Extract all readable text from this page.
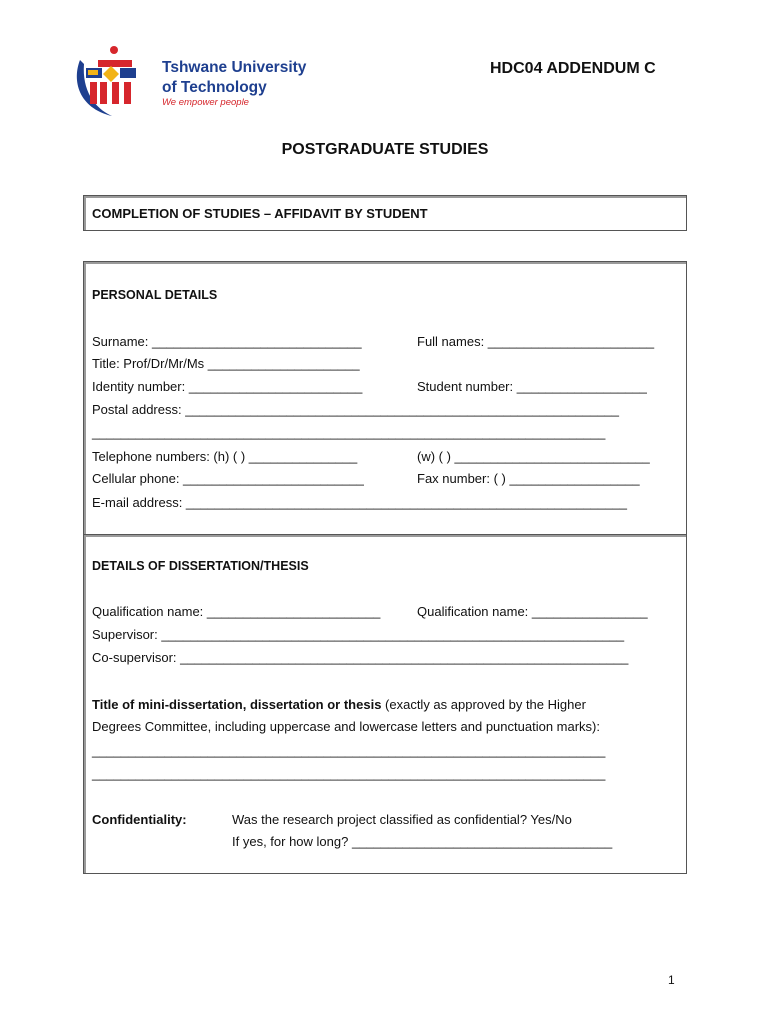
Tshwane University
of Technology
We empower people
HDC04 ADDENDUM C
POSTGRADUATE STUDIES
COMPLETION OF STUDIES – AFFIDAVIT BY STUDENT
PERSONAL DETAILS
Surname: _____________________________	Full names: _______________________
Title: Prof/Dr/Mr/Ms _____________________
Identity number: ________________________	Student number: __________________
Postal address: ____________________________________________________________
_______________________________________________________________________
Telephone numbers: (h) ( ) _______________	(w) ( ) ___________________________
Cellular phone: _________________________	Fax number: ( ) __________________
E-mail address: _____________________________________________________________
DETAILS OF DISSERTATION/THESIS
Qualification name: ________________________	Qualification name: ________________
Supervisor: ________________________________________________________________
Co-supervisor: ______________________________________________________________
Title of mini-dissertation, dissertation or thesis (exactly as approved by the Higher
Degrees Committee, including uppercase and lowercase letters and punctuation marks):
_______________________________________________________________________
_______________________________________________________________________
Confidentiality:	Was the research project classified as confidential? Yes/No
If yes, for how long? ____________________________________
1
